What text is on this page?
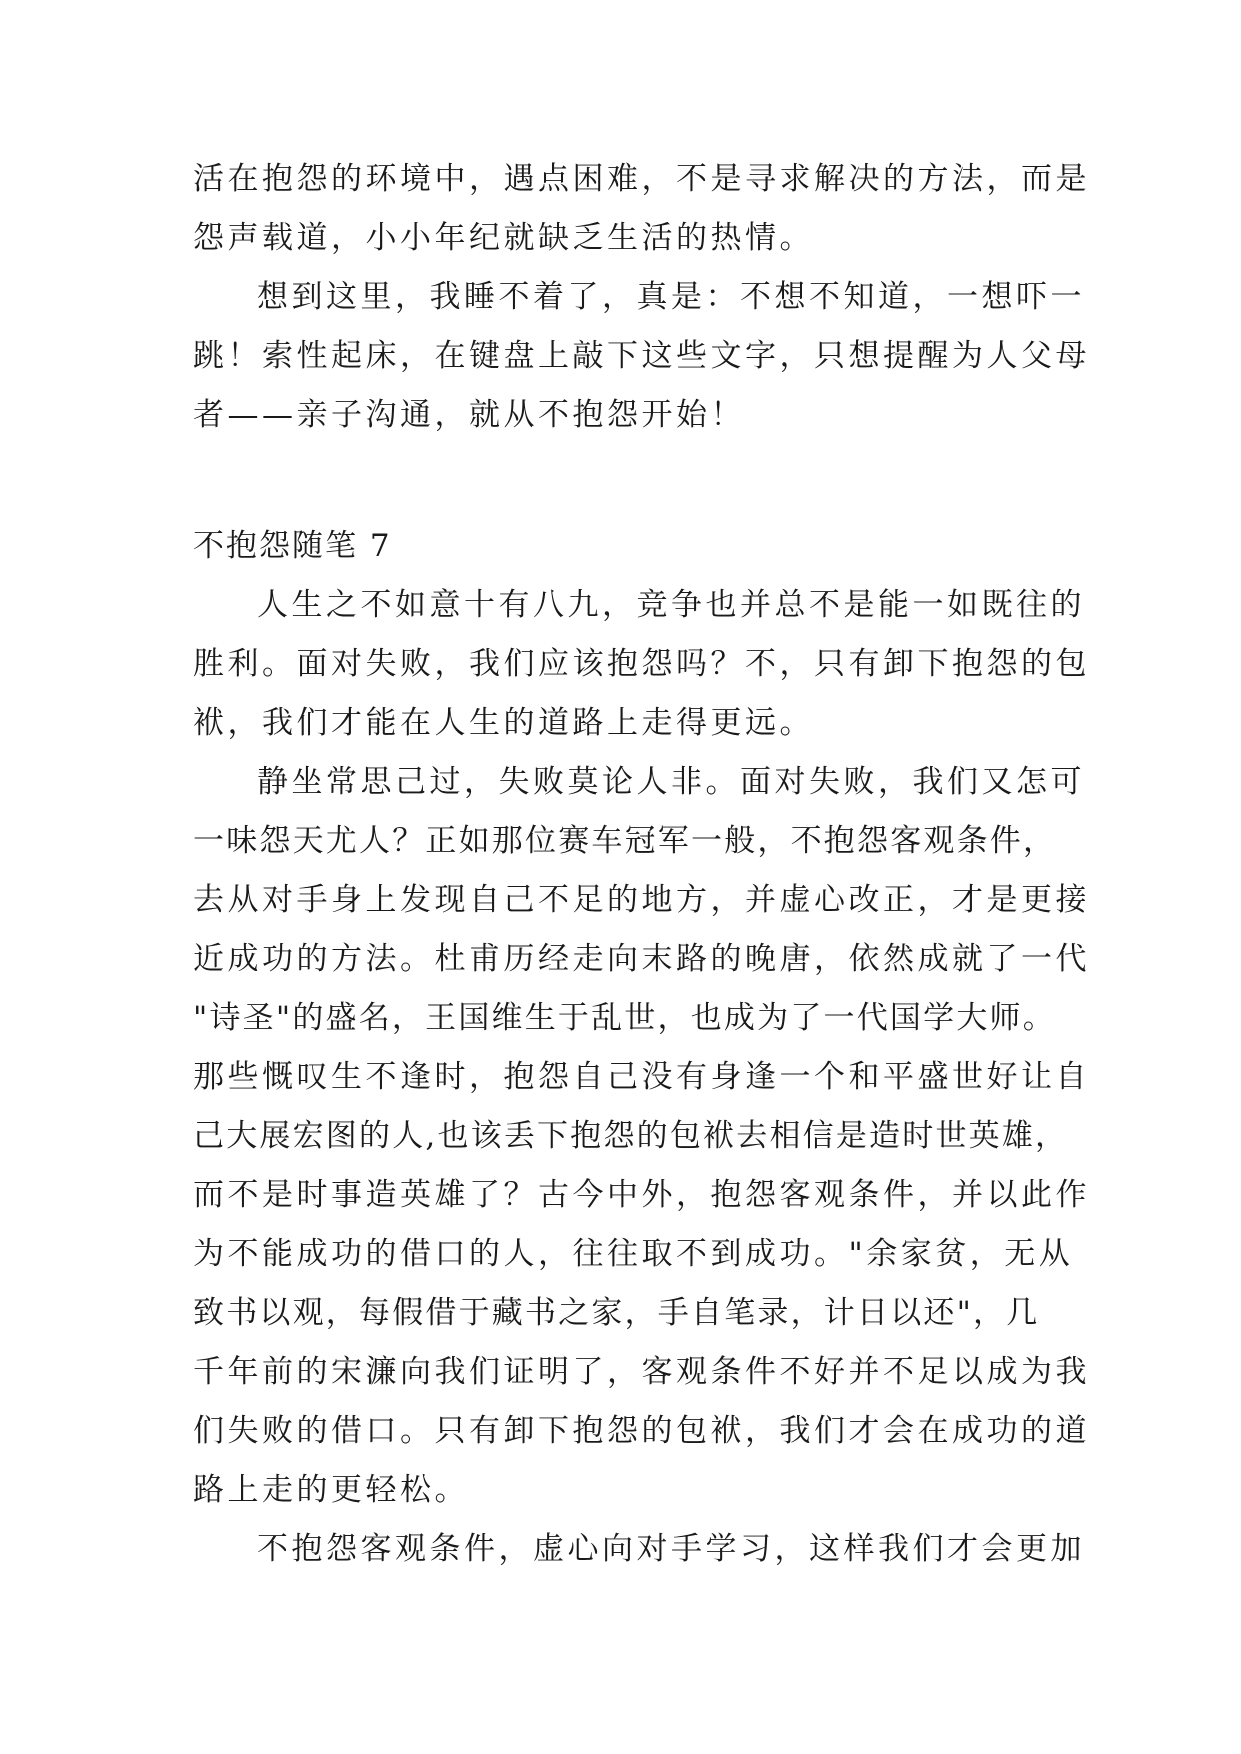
活在抱怨的环境中，遇点困难，不是寻求解决的方法，而是
怨声载道，小小年纪就缺乏生活的热情。
想到这里，我睡不着了，真是：不想不知道，一想吓一
跳！索性起床，在键盘上敲下这些文字，只想提醒为人父母
者——亲子沟通，就从不抱怨开始！
不抱怨随笔 7
人生之不如意十有八九，竞争也并总不是能一如既往的
胜利。面对失败，我们应该抱怨吗？不，只有卸下抱怨的包
袱，我们才能在人生的道路上走得更远。
静坐常思己过，失败莫论人非。面对失败，我们又怎可
一味怨天尤人？正如那位赛车冠军一般，不抱怨客观条件，
去从对手身上发现自己不足的地方，并虚心改正，才是更接
近成功的方法。杜甫历经走向末路的晚唐，依然成就了一代
"诗圣"的盛名，王国维生于乱世，也成为了一代国学大师。
那些慨叹生不逢时，抱怨自己没有身逢一个和平盛世好让自
己大展宏图的人,也该丢下抱怨的包袱去相信是造时世英雄，
而不是时事造英雄了？古今中外，抱怨客观条件，并以此作
为不能成功的借口的人，往往取不到成功。"余家贫，无从
致书以观，每假借于藏书之家，手自笔录，计日以还"，几
千年前的宋濂向我们证明了，客观条件不好并不足以成为我
们失败的借口。只有卸下抱怨的包袱，我们才会在成功的道
路上走的更轻松。
不抱怨客观条件，虚心向对手学习，这样我们才会更加
